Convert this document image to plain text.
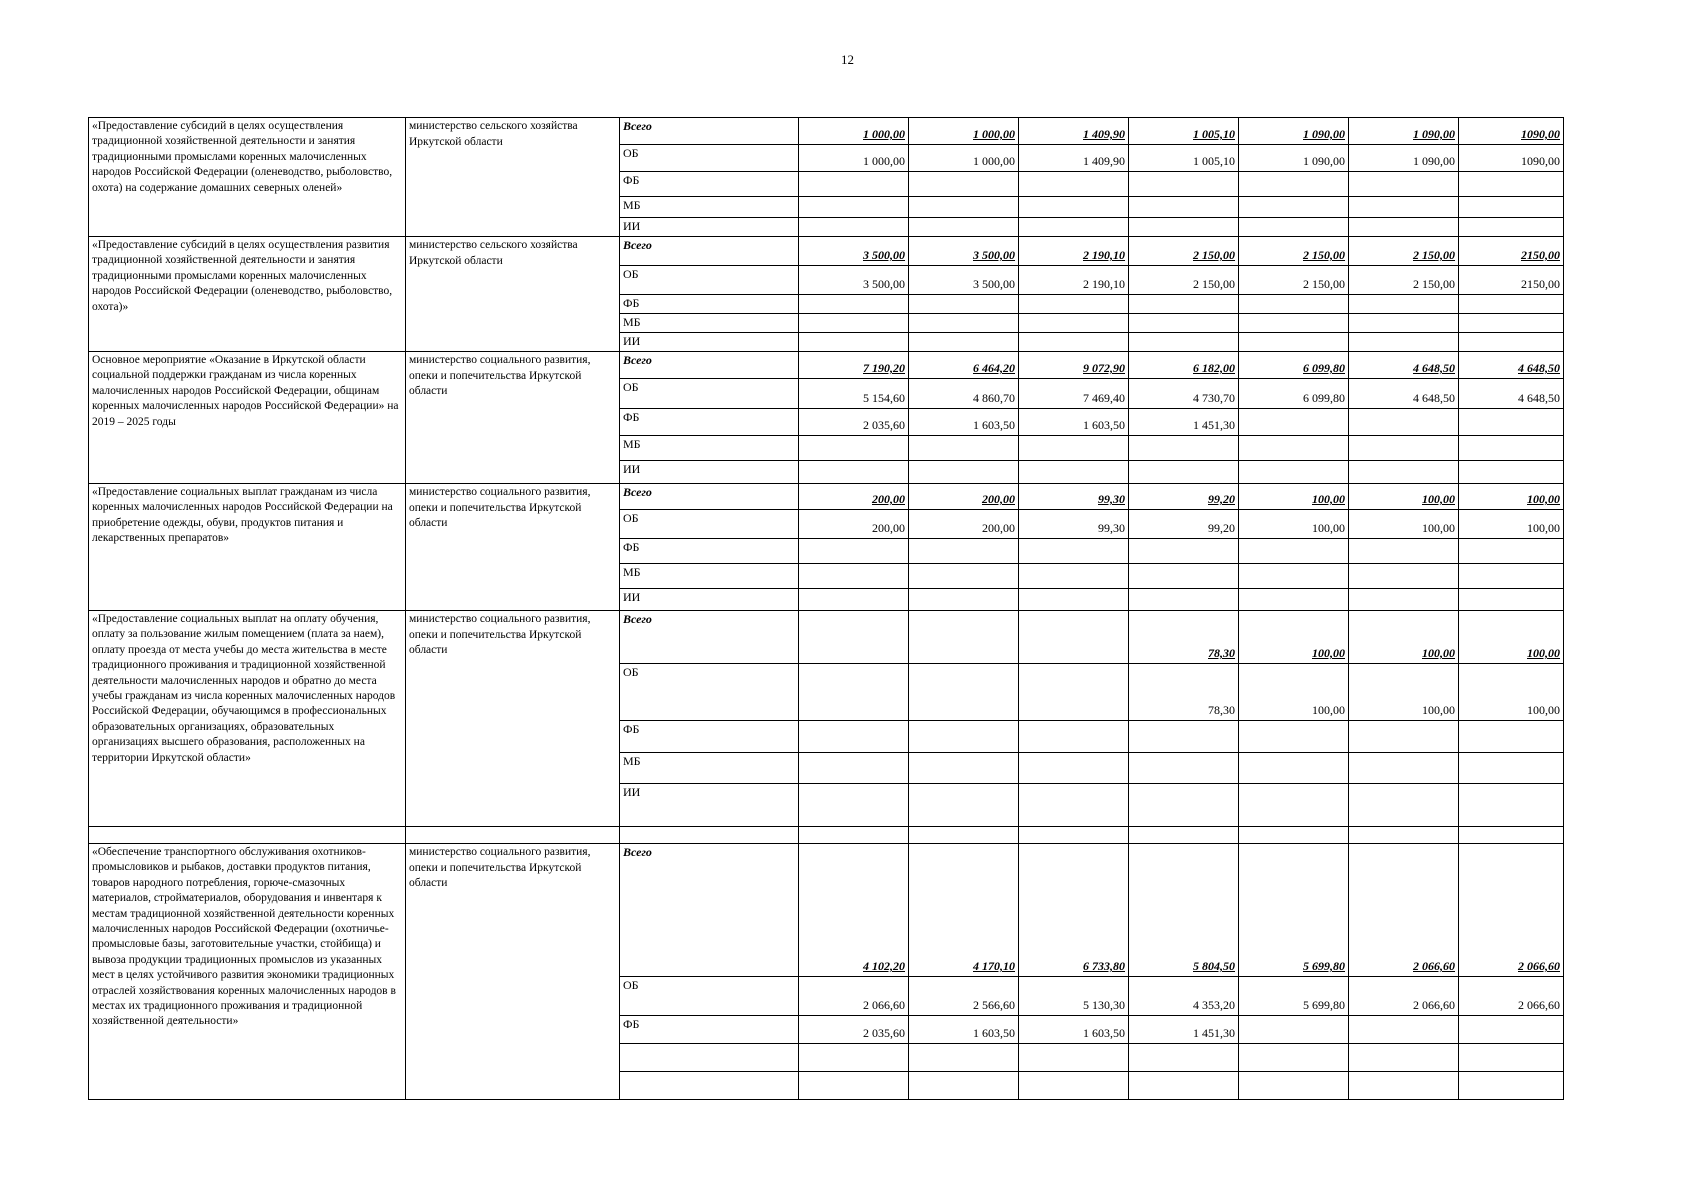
12
«Предоставление субсидий в целях осуществления традиционной хозяйственной деятельности и занятия традиционными промыслами коренных малочисленных народов Российской Федерации (оленеводство, рыболовство, охота) на содержание домашних северных оленей»	министерство сельского хозяйства Иркутской области	Всего	1 000,00	1 000,00	1 409,90	1 005,10	1 090,00	1 090,00	1090,00
		ОБ	1 000,00	1 000,00	1 409,90	1 005,10	1 090,00	1 090,00	1090,00
		ФБ							
		МБ							
		ИИ							
«Предоставление субсидий в целях осуществления развития традиционной хозяйственной деятельности и занятия традиционными промыслами коренных малочисленных народов Российской Федерации (оленеводство, рыболовство, охота)»	министерство сельского хозяйства Иркутской области	Всего	3 500,00	3 500,00	2 190,10	2 150,00	2 150,00	2 150,00	2150,00
		ОБ	3 500,00	3 500,00	2 190,10	2 150,00	2 150,00	2 150,00	2150,00
		ФБ							
		МБ							
		ИИ							
Основное мероприятие «Оказание в Иркутской области социальной поддержки гражданам из числа коренных малочисленных народов Российской Федерации, общинам коренных малочисленных народов Российской Федерации» на 2019 – 2025 годы	министерство социального развития, опеки и попечительства Иркутской области	Всего	7 190,20	6 464,20	9 072,90	6 182,00	6 099,80	4 648,50	4 648,50
		ОБ	5 154,60	4 860,70	7 469,40	4 730,70	6 099,80	4 648,50	4 648,50
		ФБ	2 035,60	1 603,50	1 603,50	1 451,30			
		МБ							
		ИИ							
«Предоставление социальных выплат гражданам из числа коренных малочисленных народов Российской Федерации на приобретение одежды, обуви, продуктов питания и лекарственных препаратов»	министерство социального развития, опеки и попечительства Иркутской области	Всего	200,00	200,00	99,30	99,20	100,00	100,00	100,00
		ОБ	200,00	200,00	99,30	99,20	100,00	100,00	100,00
		ФБ							
		МБ							
		ИИ							
«Предоставление социальных выплат на оплату обучения, оплату за пользование жилым помещением (плата за наем), оплату проезда от места учебы до места жительства в месте традиционного проживания и традиционной хозяйственной деятельности малочисленных народов и обратно до места учебы гражданам из числа коренных малочисленных народов Российской Федерации, обучающимся в профессиональных образовательных организациях, образовательных организациях высшего образования, расположенных на территории Иркутской области»	министерство социального развития, опеки и попечительства Иркутской области	Всего				78,30	100,00	100,00	100,00
		ОБ				78,30	100,00	100,00	100,00
		ФБ							
		МБ							
		ИИ							

«Обеспечение транспортного обслуживания охотников-промысловиков и рыбаков, доставки продуктов питания, товаров народного потребления, горюче-смазочных материалов, стройматериалов, оборудования и инвентаря к местам традиционной хозяйственной деятельности коренных малочисленных народов Российской Федерации (охотничье-промысловые базы, заготовительные участки, стойбища) и вывоза продукции традиционных промыслов из указанных мест в целях устойчивого развития экономики традиционных отраслей хозяйствования коренных малочисленных народов в местах их традиционного проживания и традиционной хозяйственной деятельности»	министерство социального развития, опеки и попечительства Иркутской области	Всего	4 102,20	4 170,10	6 733,80	5 804,50	5 699,80	2 066,60	2 066,60
		ОБ	2 066,60	2 566,60	5 130,30	4 353,20	5 699,80	2 066,60	2 066,60
		ФБ	2 035,60	1 603,50	1 603,50	1 451,30			
